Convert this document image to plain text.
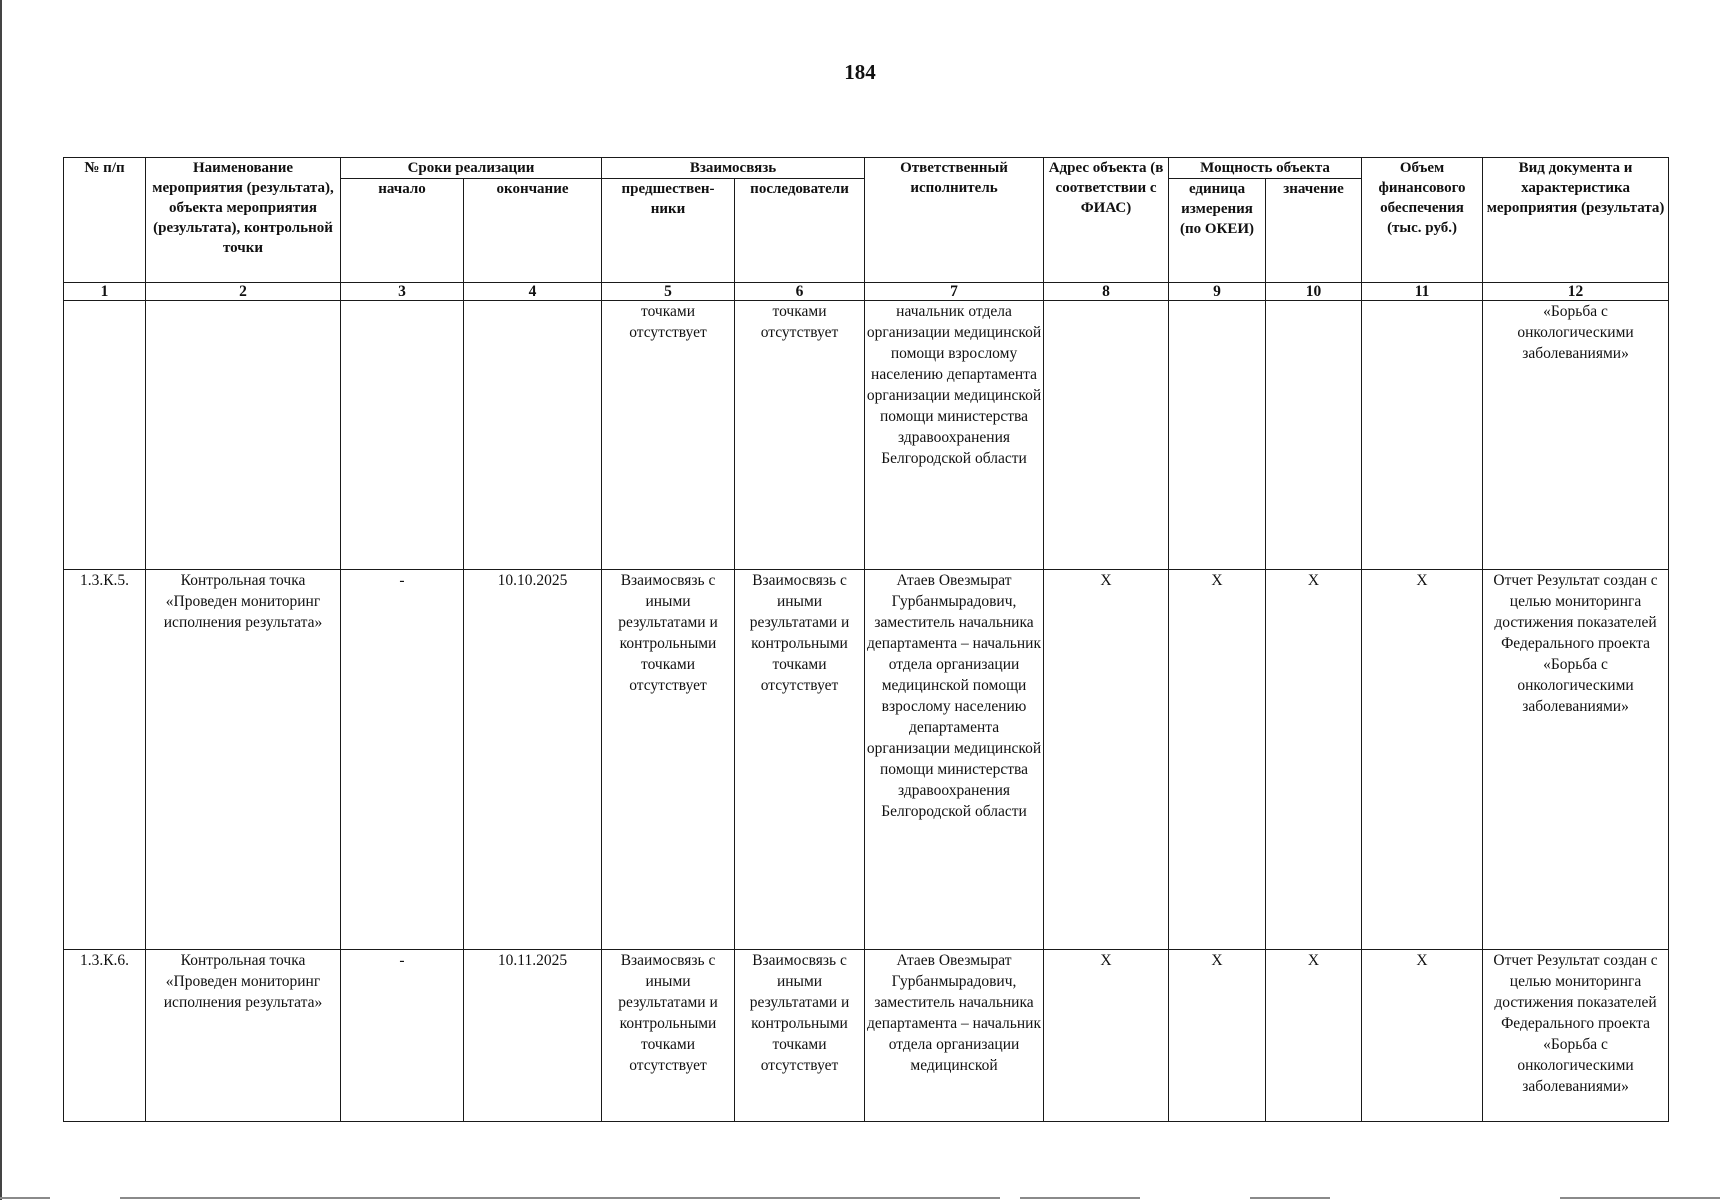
184
№ п/п	Наименование мероприятия (результата), объекта мероприятия (результата), контрольной точки	Сроки реализации		Взаимосвязь		Ответственный исполнитель	Адрес объекта (в соответствии с ФИАС)	Мощность объекта		Объем финансового обеспечения (тыс. руб.)	Вид документа и характеристика мероприятия (результата)
		начало	окончание	предшествен- ники	последователи			единица измерения (по ОКЕИ)	значение		
1	2	3	4	5	6	7	8	9	10	11	12
				точками отсутствует	точками отсутствует	начальник отдела организации медицинской помощи взрослому населению департамента организации медицинской помощи министерства здравоохранения Белгородской области					«Борьба с онкологическими заболеваниями»
1.3.К.5.	Контрольная точка «Проведен мониторинг исполнения результата»	-	10.10.2025	Взаимосвязь с иными результатами и контрольными точками отсутствует	Взаимосвязь с иными результатами и контрольными точками отсутствует	Атаев Овезмырат Гурбанмырадович, заместитель начальника департамента – начальник отдела организации медицинской помощи взрослому населению департамента организации медицинской помощи министерства здравоохранения Белгородской области	X	X	X	X	Отчет Результат создан с целью мониторинга достижения показателей Федерального проекта «Борьба с онкологическими заболеваниями»
1.3.К.6.	Контрольная точка «Проведен мониторинг исполнения результата»	-	10.11.2025	Взаимосвязь с иными результатами и контрольными точками отсутствует	Взаимосвязь с иными результатами и контрольными точками отсутствует	Атаев Овезмырат Гурбанмырадович, заместитель начальника департамента – начальник отдела организации медицинской	X	X	X	X	Отчет Результат создан с целью мониторинга достижения показателей Федерального проекта «Борьба с онкологическими заболеваниями»
